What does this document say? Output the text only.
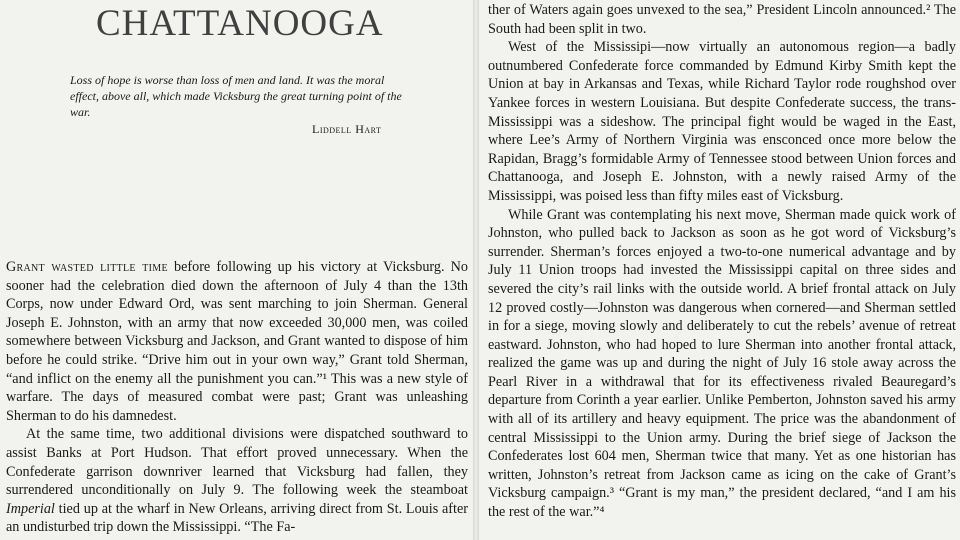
CHATTANOOGA

Loss of hope is worse than loss of men and land. It was the moral effect, above all, which made Vicksburg the great turning point of the war.

Liddell Hart

Grant wasted little time before following up his victory at Vicksburg. No sooner had the celebration died down the afternoon of July 4 than the 13th Corps, now under Edward Ord, was sent marching to join Sherman. General Joseph E. Johnston, with an army that now exceeded 30,000 men, was coiled somewhere between Vicksburg and Jackson, and Grant wanted to dispose of him before he could strike. “Drive him out in your own way,” Grant told Sherman, “and inflict on the enemy all the punishment you can.”¹ This was a new style of warfare. The days of measured combat were past; Grant was unleashing Sherman to do his damnedest.

At the same time, two additional divisions were dispatched southward to assist Banks at Port Hudson. That effort proved unnecessary. When the Confederate garrison downriver learned that Vicksburg had fallen, they surrendered unconditionally on July 9. The following week the steamboat Imperial tied up at the wharf in New Orleans, arriving direct from St. Louis after an undisturbed trip down the Mississippi. “The Fa-

ther of Waters again goes unvexed to the sea,” President Lincoln announced.² The South had been split in two.

West of the Mississipi—now virtually an autonomous region—a badly outnumbered Confederate force commanded by Edmund Kirby Smith kept the Union at bay in Arkansas and Texas, while Richard Taylor rode roughshod over Yankee forces in western Louisiana. But despite Confederate success, the trans-Mississippi was a sideshow. The principal fight would be waged in the East, where Lee’s Army of Northern Virginia was ensconced once more below the Rapidan, Bragg’s formidable Army of Tennessee stood between Union forces and Chattanooga, and Joseph E. Johnston, with a newly raised Army of the Mississippi, was poised less than fifty miles east of Vicksburg.

While Grant was contemplating his next move, Sherman made quick work of Johnston, who pulled back to Jackson as soon as he got word of Vicksburg’s surrender. Sherman’s forces enjoyed a two-to-one numerical advantage and by July 11 Union troops had invested the Mississippi capital on three sides and severed the city’s rail links with the outside world. A brief frontal attack on July 12 proved costly—Johnston was dangerous when cornered—and Sherman settled in for a siege, moving slowly and deliberately to cut the rebels’ avenue of retreat eastward. Johnston, who had hoped to lure Sherman into another frontal attack, realized the game was up and during the night of July 16 stole away across the Pearl River in a withdrawal that for its effectiveness rivaled Beauregard’s departure from Corinth a year earlier. Unlike Pemberton, Johnston saved his army with all of its artillery and heavy equipment. The price was the abandonment of central Mississippi to the Union army. During the brief siege of Jackson the Confederates lost 604 men, Sherman twice that many. Yet as one historian has written, Johnston’s retreat from Jackson came as icing on the cake of Grant’s Vicksburg campaign.³ “Grant is my man,” the president declared, “and I am his the rest of the war.”⁴
